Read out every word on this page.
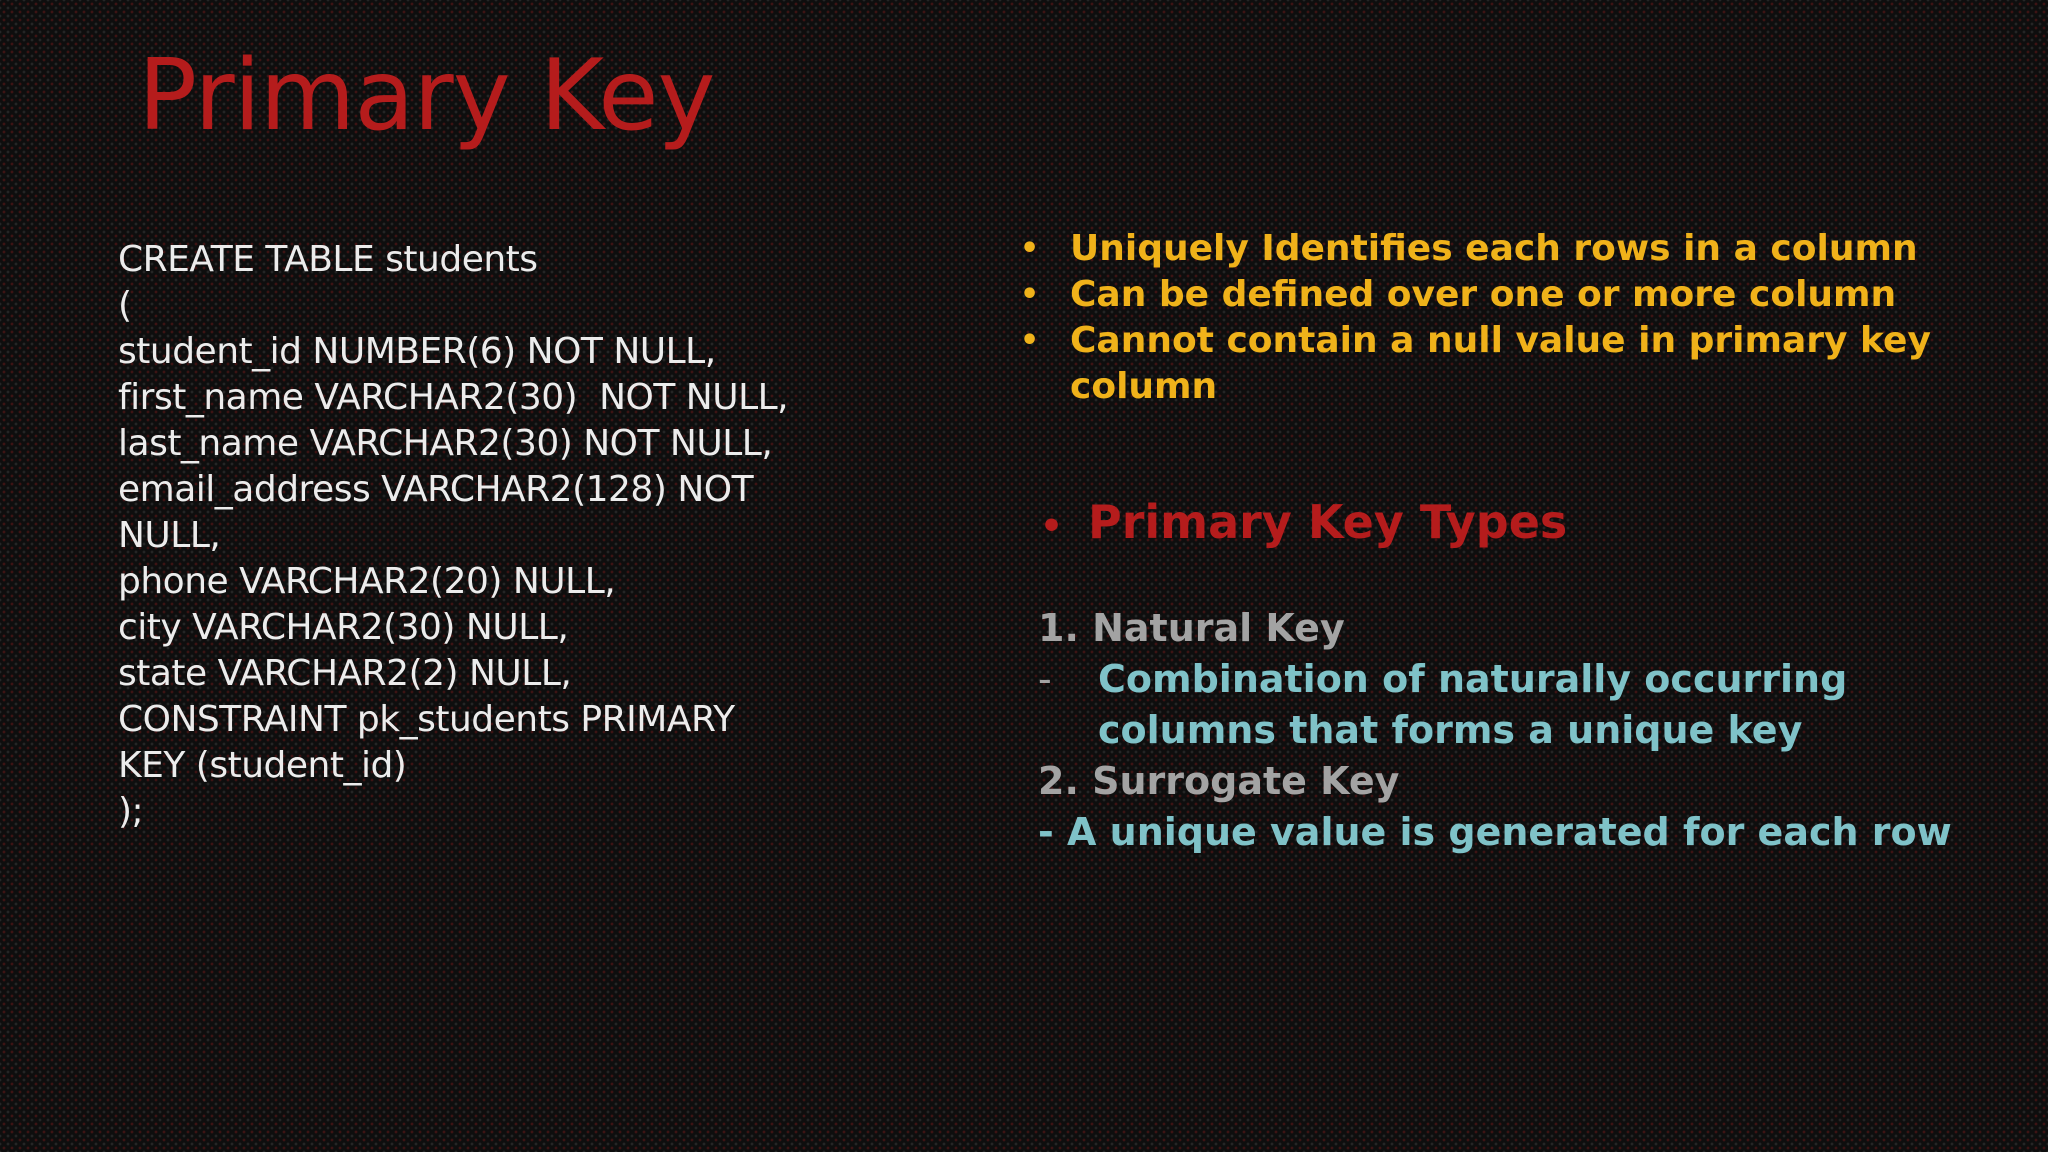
Primary Key
CREATE TABLE students
(
student_id NUMBER(6) NOT NULL,
first_name VARCHAR2(30)  NOT NULL,
last_name VARCHAR2(30) NOT NULL,
email_address VARCHAR2(128) NOT
NULL,
phone VARCHAR2(20) NULL,
city VARCHAR2(30) NULL,
state VARCHAR2(2) NULL,
CONSTRAINT pk_students PRIMARY
KEY (student_id)
);
• Uniquely Identifies each rows in a column
• Can be defined over one or more column
• Cannot contain a null value in primary key column
• Primary Key Types
1. Natural Key
- Combination of naturally occurring columns that forms a unique key
2. Surrogate Key
- A unique value is generated for each row
